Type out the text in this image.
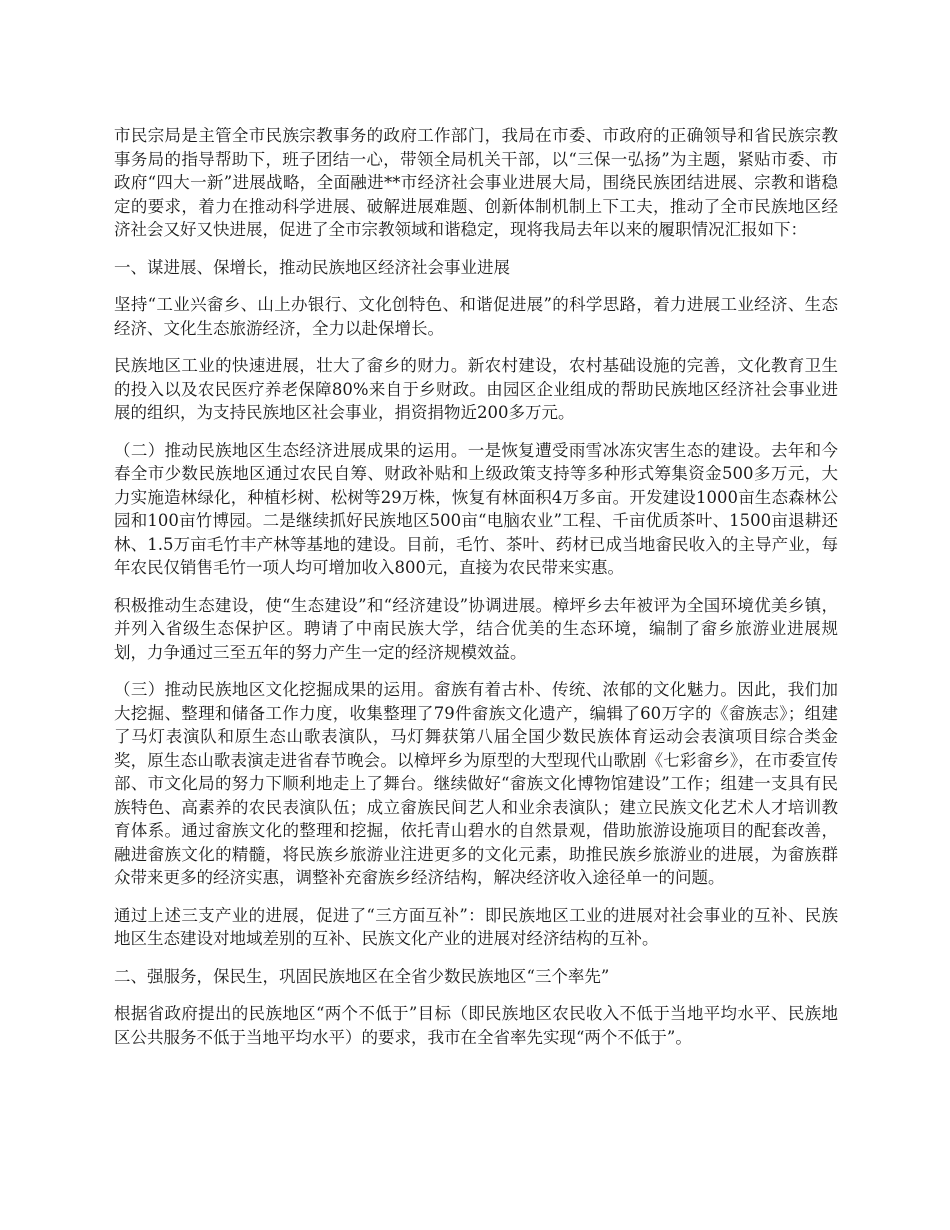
市民宗局是主管全市民族宗教事务的政府工作部门，我局在市委、市政府的正确领导和省民族宗教事务局的指导帮助下，班子团结一心，带领全局机关干部，以“三保一弘扬”为主题，紧贴市委、市政府“四大一新”进展战略，全面融进**市经济社会事业进展大局，围绕民族团结进展、宗教和谐稳定的要求，着力在推动科学进展、破解进展难题、创新体制机制上下工夫，推动了全市民族地区经济社会又好又快进展，促进了全市宗教领域和谐稳定，现将我局去年以来的履职情况汇报如下：

一、谋进展、保增长，推动民族地区经济社会事业进展

坚持“工业兴畲乡、山上办银行、文化创特色、和谐促进展”的科学思路，着力进展工业经济、生态经济、文化生态旅游经济，全力以赴保增长。

民族地区工业的快速进展，壮大了畲乡的财力。新农村建设，农村基础设施的完善，文化教育卫生的投入以及农民医疗养老保障80%来自于乡财政。由园区企业组成的帮助民族地区经济社会事业进展的组织，为支持民族地区社会事业，捐资捐物近200多万元。

（二）推动民族地区生态经济进展成果的运用。一是恢复遭受雨雪冰冻灾害生态的建设。去年和今春全市少数民族地区通过农民自筹、财政补贴和上级政策支持等多种形式筹集资金500多万元，大力实施造林绿化，种植杉树、松树等29万株，恢复有林面积4万多亩。开发建设1000亩生态森林公园和100亩竹博园。二是继续抓好民族地区500亩“电脑农业”工程、千亩优质茶叶、1500亩退耕还林、1.5万亩毛竹丰产林等基地的建设。目前，毛竹、茶叶、药材已成当地畲民收入的主导产业，每年农民仅销售毛竹一项人均可增加收入800元，直接为农民带来实惠。

积极推动生态建设，使“生态建设”和“经济建设”协调进展。樟坪乡去年被评为全国环境优美乡镇，并列入省级生态保护区。聘请了中南民族大学，结合优美的生态环境，编制了畲乡旅游业进展规划，力争通过三至五年的努力产生一定的经济规模效益。

（三）推动民族地区文化挖掘成果的运用。畲族有着古朴、传统、浓郁的文化魅力。因此，我们加大挖掘、整理和储备工作力度，收集整理了79件畲族文化遗产，编辑了60万字的《畲族志》；组建了马灯表演队和原生态山歌表演队，马灯舞获第八届全国少数民族体育运动会表演项目综合类金奖，原生态山歌表演走进省春节晚会。以樟坪乡为原型的大型现代山歌剧《七彩畲乡》，在市委宣传部、市文化局的努力下顺利地走上了舞台。继续做好“畲族文化博物馆建设”工作；组建一支具有民族特色、高素养的农民表演队伍；成立畲族民间艺人和业余表演队；建立民族文化艺术人才培训教育体系。通过畲族文化的整理和挖掘，依托青山碧水的自然景观，借助旅游设施项目的配套改善，融进畲族文化的精髓，将民族乡旅游业注进更多的文化元素，助推民族乡旅游业的进展，为畲族群众带来更多的经济实惠，调整补充畲族乡经济结构，解决经济收入途径单一的问题。

通过上述三支产业的进展，促进了“三方面互补”：即民族地区工业的进展对社会事业的互补、民族地区生态建设对地域差别的互补、民族文化产业的进展对经济结构的互补。

二、强服务，保民生，巩固民族地区在全省少数民族地区“三个率先”

根据省政府提出的民族地区“两个不低于”目标（即民族地区农民收入不低于当地平均水平、民族地区公共服务不低于当地平均水平）的要求，我市在全省率先实现“两个不低于”。
